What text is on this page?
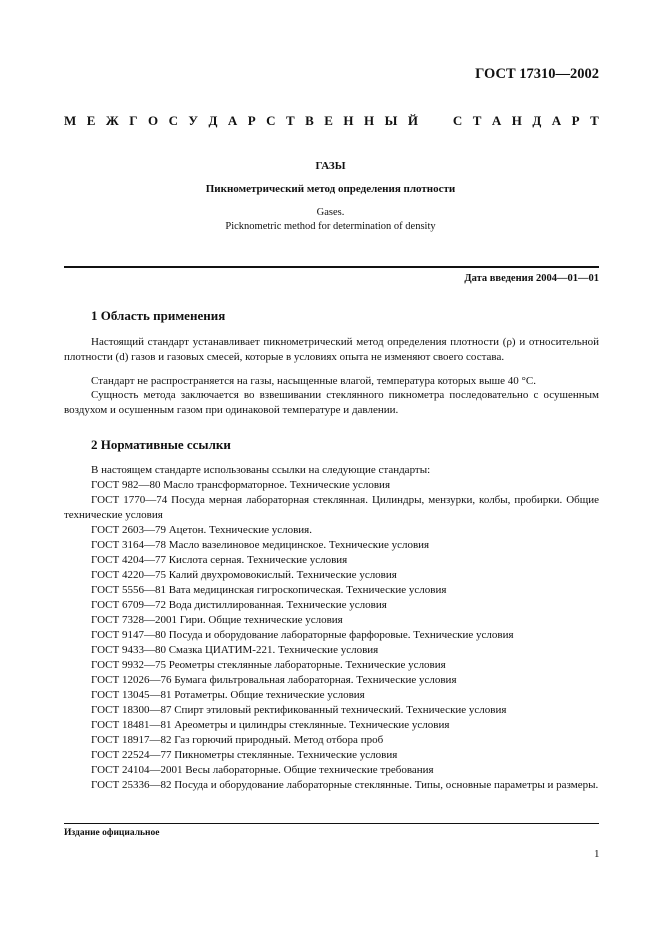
ГОСТ 17310—2002
М Е Ж Г О С У Д А Р С Т В Е Н Н Ы Й
	С Т А Н Д А Р Т
ГАЗЫ
Пикнометрический метод определения плотности
Gases.
Picknometric method for determination of density
Дата введения 2004—01—01
1 Область применения
Настоящий стандарт устанавливает пикнометрический метод определения плотности (ρ) и относительной плотности (d) газов и газовых смесей, которые в условиях опыта не изменяют своего состава.
Стандарт не распространяется на газы, насыщенные влагой, температура которых выше 40 °С.
Сущность метода заключается во взвешивании стеклянного пикнометра последовательно с осушенным воздухом и осушенным газом при одинаковой температуре и давлении.
2 Нормативные ссылки
В настоящем стандарте использованы ссылки на следующие стандарты:
ГОСТ 982—80 Масло трансформаторное. Технические условия
ГОСТ 1770—74 Посуда мерная лабораторная стеклянная. Цилиндры, мензурки, колбы, пробирки. Общие технические условия
ГОСТ 2603—79 Ацетон. Технические условия.
ГОСТ 3164—78 Масло вазелиновое медицинское. Технические условия
ГОСТ 4204—77 Кислота серная. Технические условия
ГОСТ 4220—75 Калий двухромовокислый. Технические условия
ГОСТ 5556—81 Вата медицинская гигроскопическая. Технические условия
ГОСТ 6709—72 Вода дистиллированная. Технические условия
ГОСТ 7328—2001 Гири. Общие технические условия
ГОСТ 9147—80 Посуда и оборудование лабораторные фарфоровые. Технические условия
ГОСТ 9433—80 Смазка ЦИАТИМ-221. Технические условия
ГОСТ 9932—75 Реометры стеклянные лабораторные. Технические условия
ГОСТ 12026—76 Бумага фильтровальная лабораторная. Технические условия
ГОСТ 13045—81 Ротаметры. Общие технические условия
ГОСТ 18300—87 Спирт этиловый ректификованный технический. Технические условия
ГОСТ 18481—81 Ареометры и цилиндры стеклянные. Технические условия
ГОСТ 18917—82 Газ горючий природный. Метод отбора проб
ГОСТ 22524—77 Пикнометры стеклянные. Технические условия
ГОСТ 24104—2001 Весы лабораторные. Общие технические требования
ГОСТ 25336—82 Посуда и оборудование лабораторные стеклянные. Типы, основные параметры и размеры.
Издание официальное
1
